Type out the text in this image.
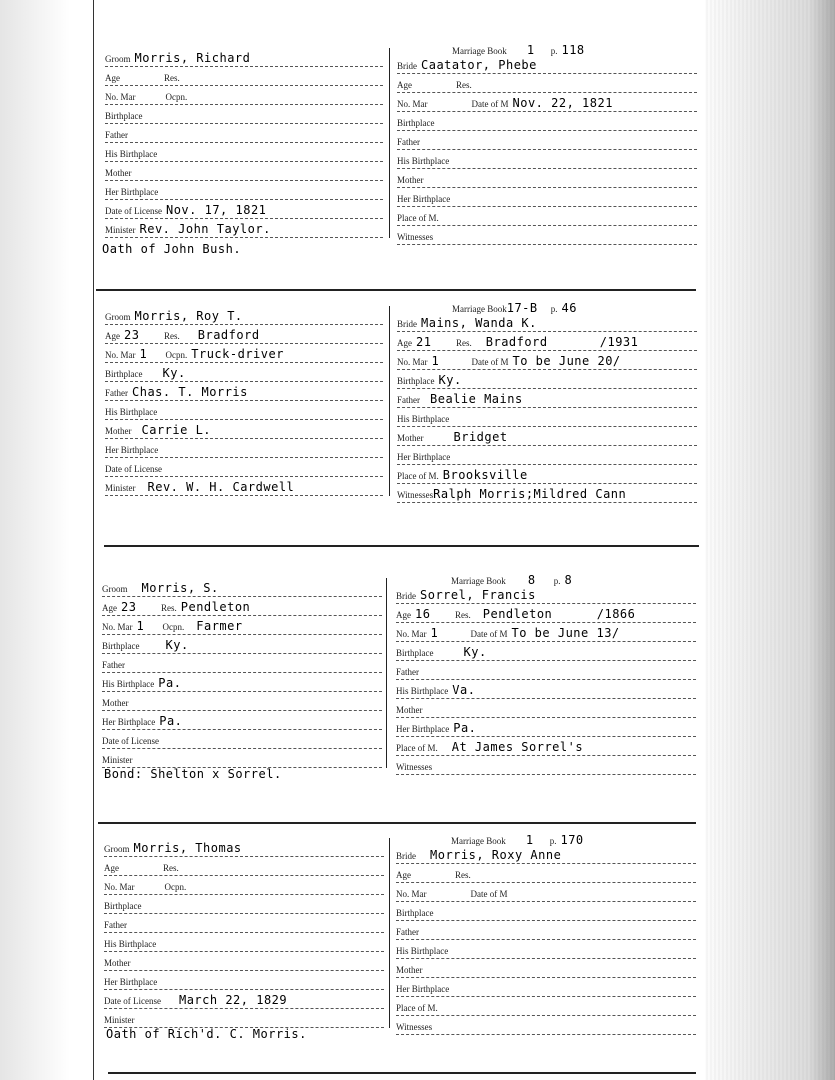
Groom Morris, Richard
Age	Res.
No. Mar	Ocpn.
Birthplace
Father
His Birthplace
Mother
Her Birthplace
Date of License Nov. 17, 1821
Minister Rev. John Taylor.
Marriage Book	1	p. 118
Bride Caatator, Phebe
Age	Res.
No. Mar	Date of M Nov. 22, 1821
Birthplace
Father
His Birthplace
Mother
Her Birthplace
Place of M.
Witnesses
Oath of John Bush.
Groom Morris, Roy T.
Age 23	Res.	Bradford
No. Mar 1	Ocpn. Truck-driver
Birthplace	Ky.
Father Chas. T. Morris
His Birthplace
Mother Carrie L.
Her Birthplace
Date of License
Minister	Rev. W. H. Cardwell
Marriage Book 17-B	p. 46
Bride Mains, Wanda K.
Age 21	Res.	Bradford	/1931
No. Mar 1	Date of M To be June 20/
Birthplace Ky.
Father Bealie Mains
His Birthplace
Mother	Bridget
Her Birthplace
Place of M. Brooksville
Witnesses Ralph Morris;Mildred Cann
Groom	Morris, S.
Age 23	Res. Pendleton
No. Mar 1	Ocpn.	Farmer
Birthplace	Ky.
Father
His Birthplace Pa.
Mother
Her Birthplace Pa.
Date of License
Minister
Marriage Book	8	p. 8
Bride Sorrel, Francis
Age 16	Res.	Pendleton	/1866
No. Mar 1	Date of M To be June 13/
Birthplace	Ky.
Father
His Birthplace Va.
Mother
Her Birthplace Pa.
Place of M.	At James Sorrel's
Witnesses
Bond: Shelton x Sorrel.
Groom Morris, Thomas
Age	Res.
No. Mar	Ocpn.
Birthplace
Father
His Birthplace
Mother
Her Birthplace
Date of License	March 22, 1829
Minister
Marriage Book	1	p. 170
Bride	Morris, Roxy Anne
Age	Res.
No. Mar	Date of M
Birthplace
Father
His Birthplace
Mother
Her Birthplace
Place of M.
Witnesses
Oath of Rich'd. C. Morris.
